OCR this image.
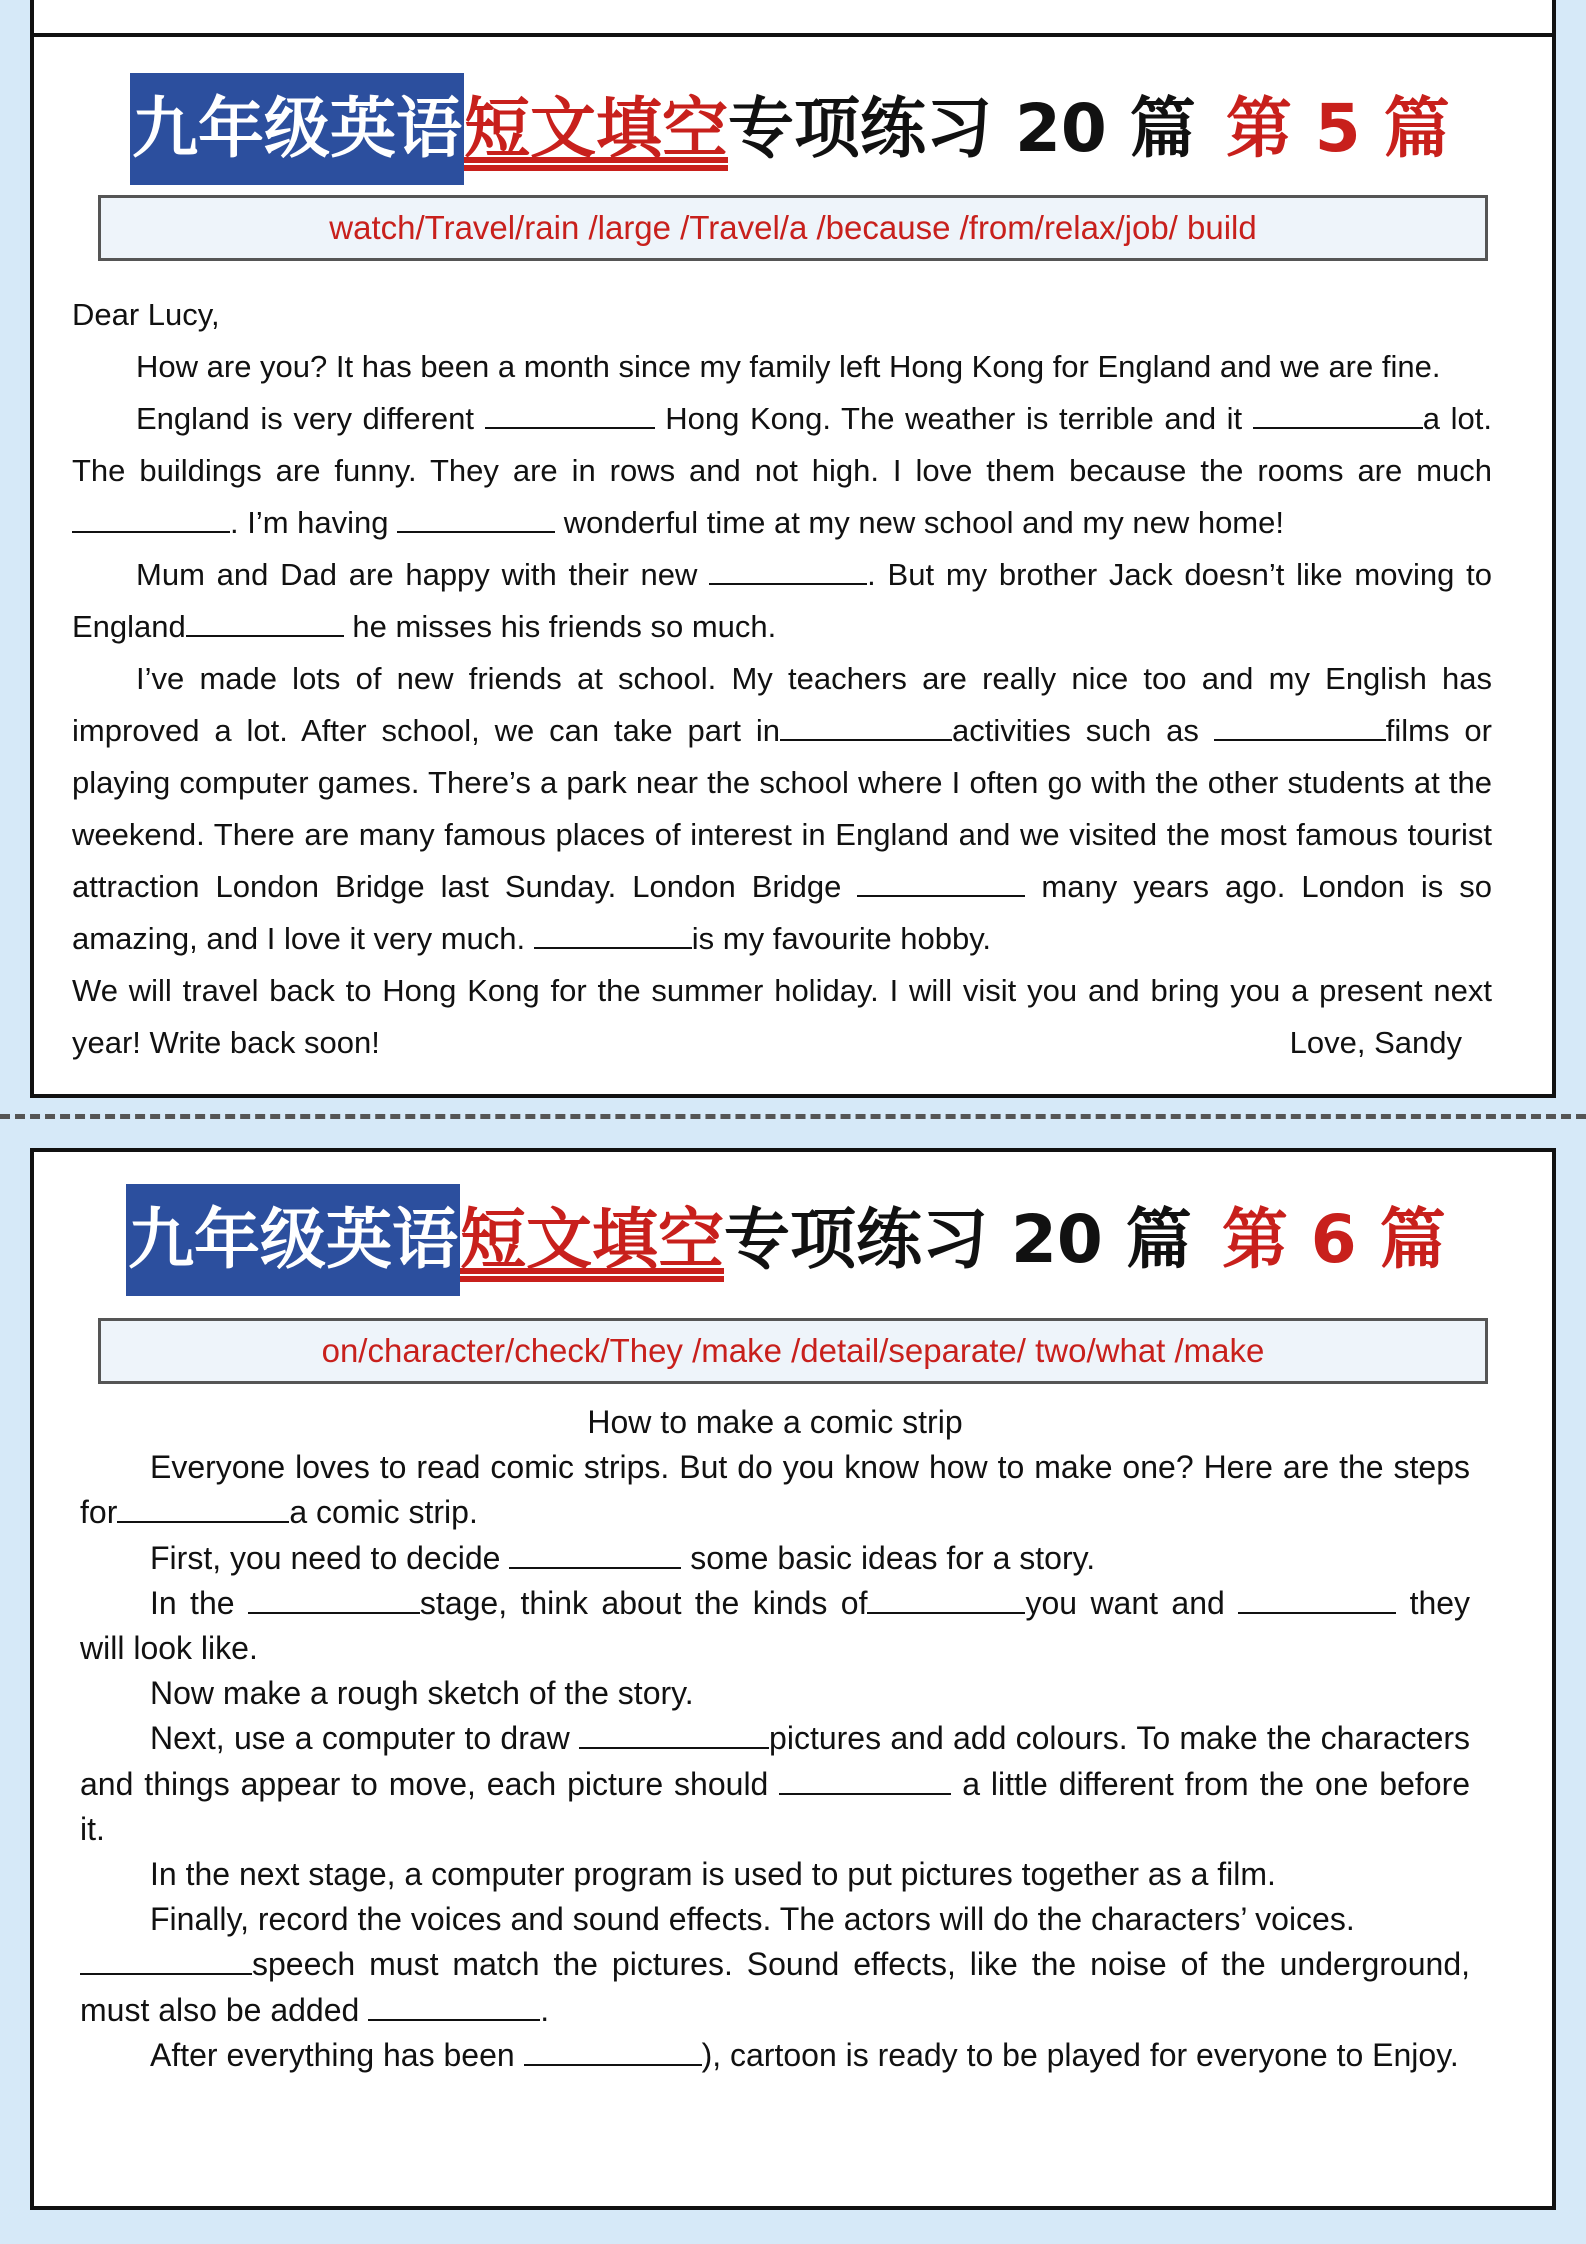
九年级英语短文填空专项练习 20 篇 第 5 篇
watch/Travel/rain /large /Travel/a /because /from/relax/job/ build

Dear Lucy,

How are you? It has been a month since my family left Hong Kong for England and we are fine.

England is very different	Hong Kong. The weather is terrible and it	a lot. The buildings are funny. They are in rows and not high. I love them because the rooms are much . I’m having	wonderful time at my new school and my new home!

Mum and Dad are happy with their new	. But my brother Jack doesn’t like moving to England	he misses his friends so much.

I’ve made lots of new friends at school. My teachers are really nice too and my English has improved a lot. After school, we can take part in	activities such as	films or playing computer games. There’s a park near the school where I often go with the other students at the weekend. There are many famous places of interest in England and we visited the most famous tourist attraction London Bridge last Sunday. London Bridge	many years ago. London is so amazing, and I love it very much.	is my favourite hobby.

We will travel back to Hong Kong for the summer holiday. I will visit you and bring you a present next year! Write back soon!	Love, Sandy

九年级英语短文填空专项练习 20 篇 第 6 篇
on/character/check/They /make /detail/separate/ two/what /make

How to make a comic strip

Everyone loves to read comic strips. But do you know how to make one? Here are the steps for	a comic strip.

First, you need to decide	some basic ideas for a story.

In the	stage, think about the kinds of	you want and	they will look like.

Now make a rough sketch of the story.

Next, use a computer to draw	pictures and add colours. To make the characters and things appear to move, each picture should	a little different from the one before it.

In the next stage, a computer program is used to put pictures together as a film.

Finally, record the voices and sound effects. The actors will do the characters’ voices.

speech must match the pictures. Sound effects, like the noise of the underground, must also be added	.

After everything has been	), cartoon is ready to be played for everyone to Enjoy.
